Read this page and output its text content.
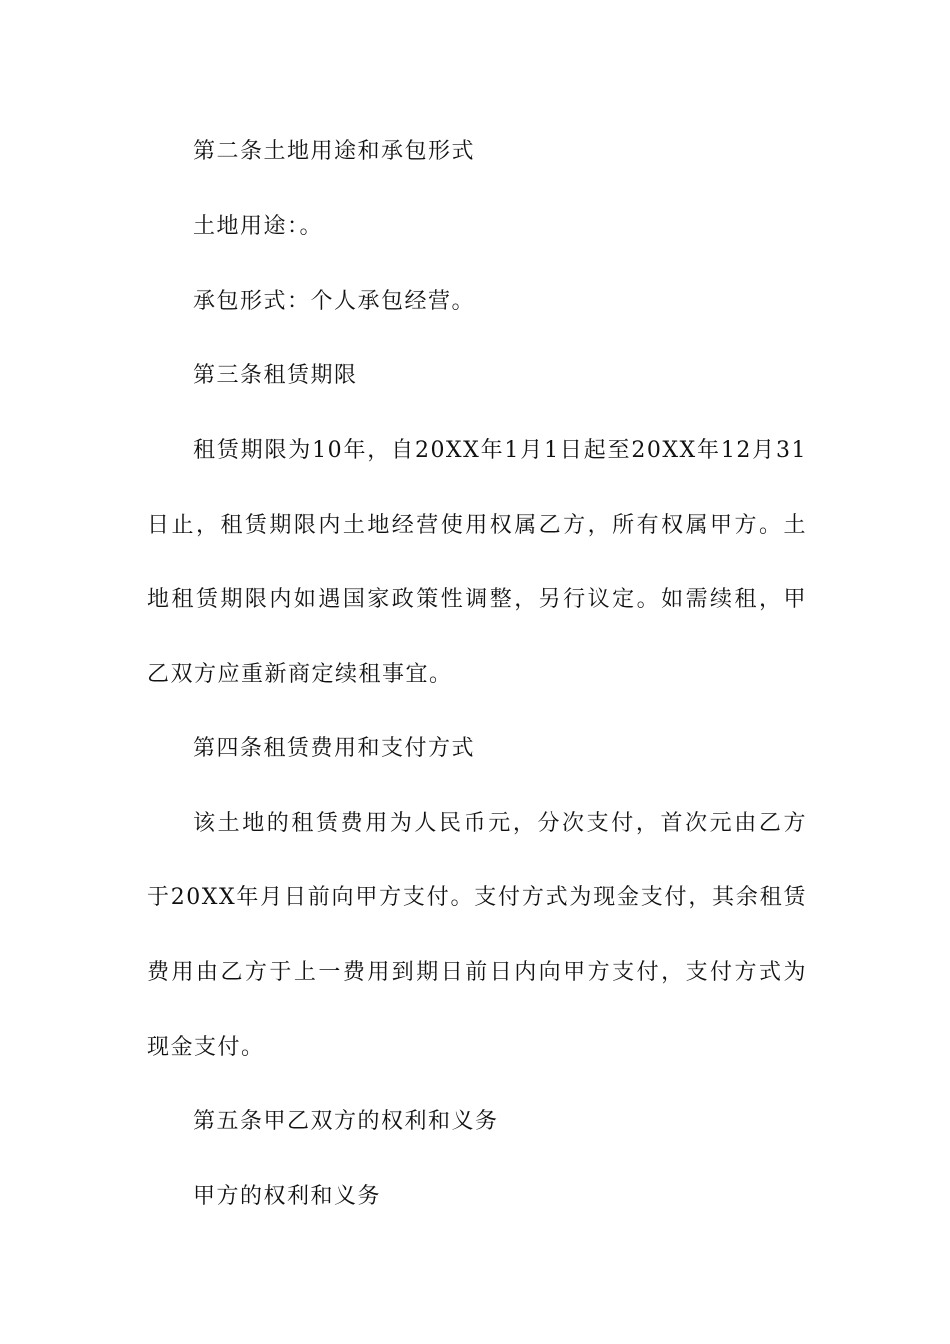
第二条土地用途和承包形式
土地用途：。
承包形式：个人承包经营。
第三条租赁期限
租赁期限为10年，自20XX年1月1日起至20XX年12月31
日止，租赁期限内土地经营使用权属乙方，所有权属甲方。土
地租赁期限内如遇国家政策性调整，另行议定。如需续租，甲
乙双方应重新商定续租事宜。
第四条租赁费用和支付方式
该土地的租赁费用为人民币元，分次支付，首次元由乙方
于20XX年月日前向甲方支付。支付方式为现金支付，其余租赁
费用由乙方于上一费用到期日前日内向甲方支付，支付方式为
现金支付。
第五条甲乙双方的权利和义务
甲方的权利和义务
